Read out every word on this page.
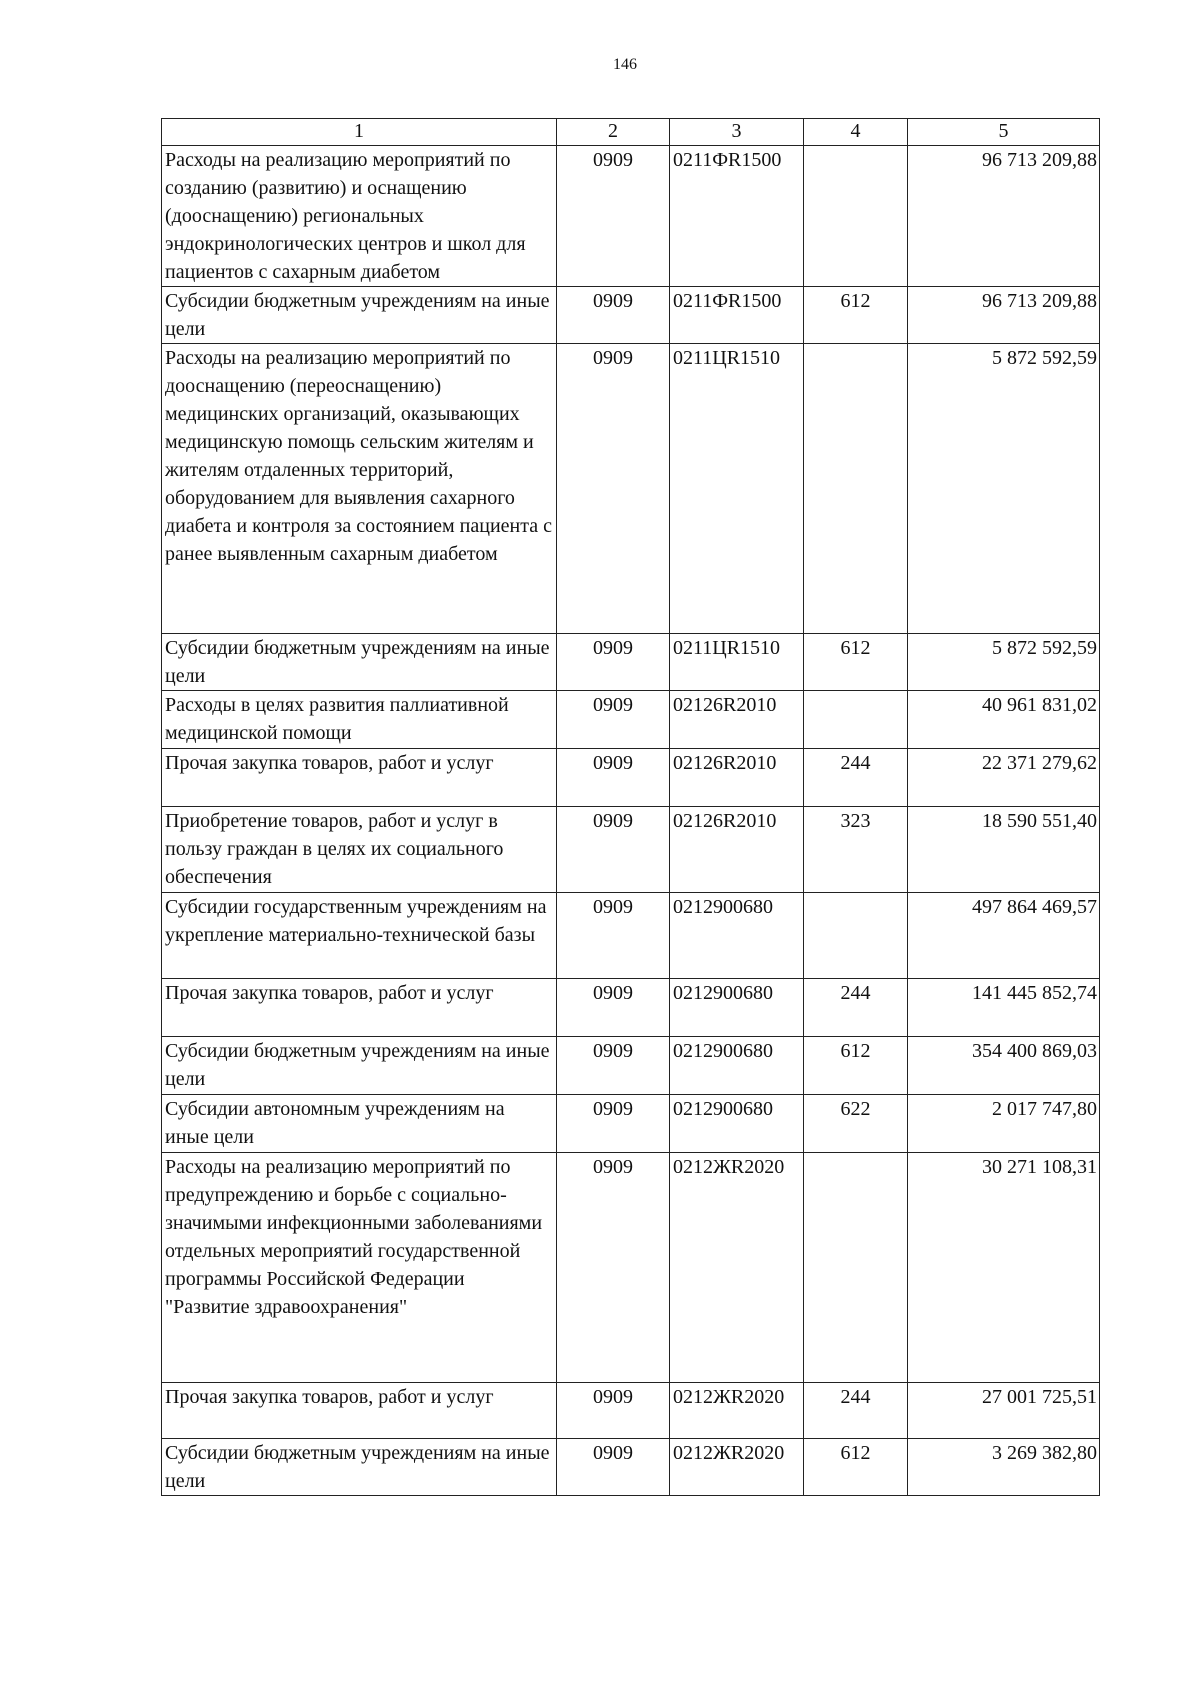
146
1	2	3	4	5
Расходы на реализацию мероприятий по созданию (развитию) и оснащению (дооснащению) региональных эндокринологических центров и школ для пациентов с сахарным диабетом	0909	0211ФR1500		96 713 209,88
Субсидии бюджетным учреждениям на иные цели	0909	0211ФR1500	612	96 713 209,88
Расходы на реализацию мероприятий по дооснащению (переоснащению) медицинских организаций, оказывающих медицинскую помощь сельским жителям и жителям отдаленных территорий, оборудованием для выявления сахарного диабета и контроля за состоянием пациента с ранее выявленным сахарным диабетом	0909	0211ЦR1510		5 872 592,59
Субсидии бюджетным учреждениям на иные цели	0909	0211ЦR1510	612	5 872 592,59
Расходы в целях развития паллиативной медицинской помощи	0909	02126R2010		40 961 831,02
Прочая закупка товаров, работ и услуг	0909	02126R2010	244	22 371 279,62
Приобретение товаров, работ и услуг в пользу граждан в целях их социального обеспечения	0909	02126R2010	323	18 590 551,40
Субсидии государственным учреждениям на укрепление материально-технической базы	0909	0212900680		497 864 469,57
Прочая закупка товаров, работ и услуг	0909	0212900680	244	141 445 852,74
Субсидии бюджетным учреждениям на иные цели	0909	0212900680	612	354 400 869,03
Субсидии автономным учреждениям на иные цели	0909	0212900680	622	2 017 747,80
Расходы на реализацию мероприятий по предупреждению и борьбе с социально-значимыми инфекционными заболеваниями отдельных мероприятий государственной программы Российской Федерации "Развитие здравоохранения"	0909	0212ЖR2020		30 271 108,31
Прочая закупка товаров, работ и услуг	0909	0212ЖR2020	244	27 001 725,51
Субсидии бюджетным учреждениям на иные цели	0909	0212ЖR2020	612	3 269 382,80
